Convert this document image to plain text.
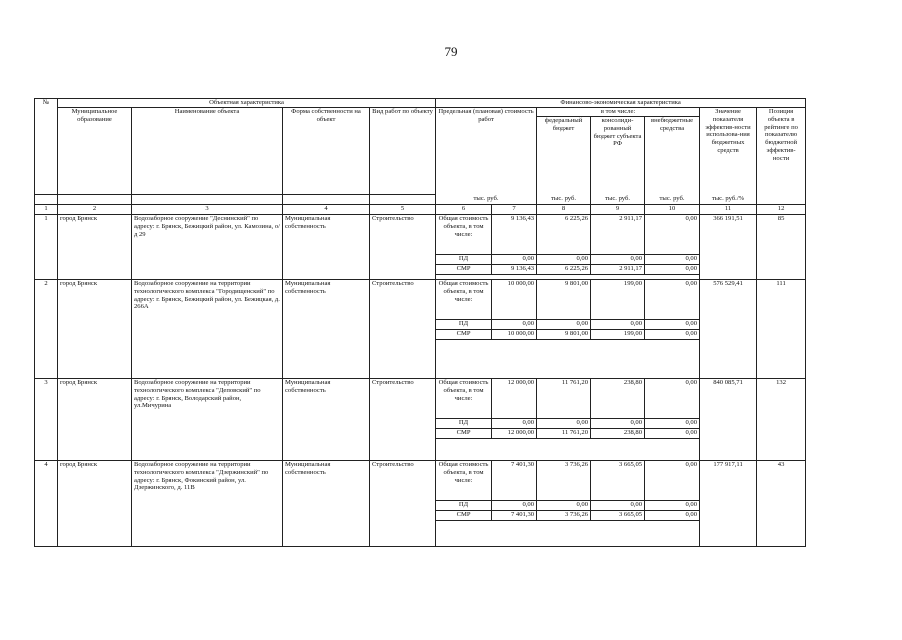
79
№	Объектная характеристика				Финансово-экономическая характеристика						
	Муниципальное образование	Наименование объекта	Форма собственности на объект	Вид работ по объекту	Предельная (плановая) стоимость работ		в том числе:			Значение показателя эффектив-ности использова-ния бюджетных средств	Позиция объекта в рейтинге по показателю бюджетной эффектив-ности
							федеральный бюджет	консолиди-рованный бюджет субъекта РФ	внебюджетные средства		
					тыс. руб.		тыс. руб.	тыс. руб.	тыс. руб.	тыс. руб./%	
1	2	3	4	5	6	7	8	9	10	11	12
1	город Брянск	Водозаборное сооружение "Деснинский" по адресу: г. Брянск, Бежицкий район, ул. Камозина, о/д 29	Муниципальная собственность	Строительство	Общая стоимость объекта, в том числе:	9 136,43	6 225,26	2 911,17	0,00	366 191,51	85
					ПД	0,00	0,00	0,00	0,00		
					СМР	9 136,43	6 225,26	2 911,17	0,00		

2	город Брянск	Водозаборное сооружение на территории технологического комплекса "Городищенский" по адресу: г. Брянск, Бежицкий район, ул. Бежицкая, д. 266А	Муниципальная собственность	Строительство	Общая стоимость объекта, в том числе:	10 000,00	9 801,00	199,00	0,00	576 529,41	111
					ПД	0,00	0,00	0,00	0,00		
					СМР	10 000,00	9 801,00	199,00	0,00		

3	город Брянск	Водозаборное сооружение на территории технологического комплекса "Деповский" по адресу: г. Брянск, Володарский район, ул.Мичурина	Муниципальная собственность	Строительство	Общая стоимость объекта, в том числе:	12 000,00	11 761,20	238,80	0,00	840 085,71	132
					ПД	0,00	0,00	0,00	0,00		
					СМР	12 000,00	11 761,20	238,80	0,00		

4	город Брянск	Водозаборное сооружение на территории технологического комплекса "Дзержинский" по адресу: г. Брянск, Фокинский район, ул. Дзержинского, д. 11В	Муниципальная собственность	Строительство	Общая стоимость объекта, в том числе:	7 401,30	3 736,26	3 665,05	0,00	177 917,11	43
					ПД	0,00	0,00	0,00	0,00		
					СМР	7 401,30	3 736,26	3 665,05	0,00		
